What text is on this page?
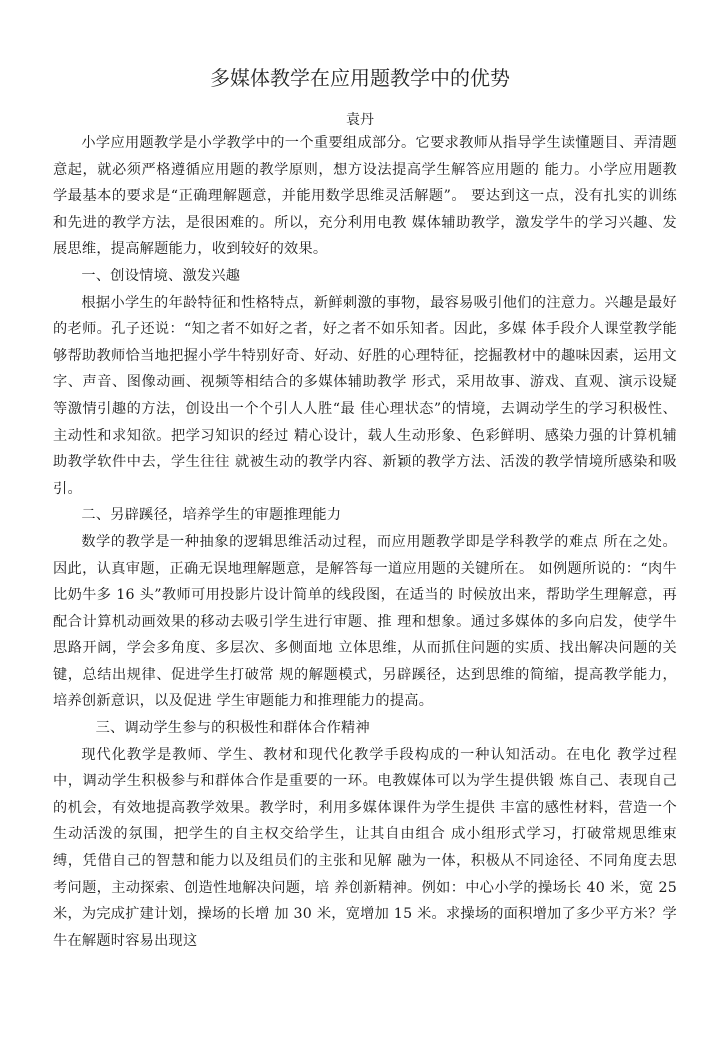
多媒体教学在应用题教学中的优势
袁丹

小学应用题教学是小学教学中的一个重要组成部分。它要求教师从指导学生读懂题目、弄清题意起，就必须严格遵循应用题的教学原则，想方设法提高学生解答应用题的 能力。小学应用题教学最基本的要求是“正确理解题意，并能用数学思维灵活解题”。 要达到这一点，没有扎实的训练和先进的教学方法，是很困难的。所以，充分利用电教 媒体辅助教学，激发学牛的学习兴趣、发展思维，提高解题能力，收到较好的效果。

一、创设情境、激发兴趣

根据小学生的年龄特征和性格特点，新鲜刺激的事物，最容易吸引他们的注意力。兴趣是最好的老师。孔子还说：“知之者不如好之者，好之者不如乐知者。因此，多媒 体手段介人课堂教学能够帮助教师恰当地把握小学牛特别好奇、好动、好胜的心理特征，挖掘教材中的趣味因素，运用文字、声音、图像动画、视频等相结合的多媒体辅助教学 形式，采用故事、游戏、直观、演示设疑等激情引趣的方法，创设出一个个引人人胜“最 佳心理状态”的情境，去调动学生的学习积极性、主动性和求知欲。把学习知识的经过 精心设计，载人生动形象、色彩鲜明、感染力强的计算机辅助教学软件中去，学生往往 就被生动的教学内容、新颖的教学方法、活泼的教学情境所感染和吸引。

二、另辟蹊径，培养学生的审题推理能力

数学的教学是一种抽象的逻辑思维活动过程，而应用题教学即是学科教学的难点 所在之处。因此，认真审题，正确无误地理解题意，是解答每一道应用题的关键所在。 如例题所说的：“肉牛比奶牛多 16 头”教师可用投影片设计简单的线段图，在适当的 时候放出来，帮助学生理解意，再配合计算机动画效果的移动去吸引学生进行审题、推 理和想象。通过多媒体的多向启发，使学牛思路开阔，学会多角度、多层次、多侧面地 立体思维，从而抓住问题的实质、找出解决问题的关键，总结出规律、促进学生打破常 规的解题模式，另辟蹊径，达到思维的简缩，提高教学能力，培养创新意识，以及促进 学生审题能力和推理能力的提高。

三、调动学生参与的积极性和群体合作精神

现代化教学是教师、学生、教材和现代化教学手段构成的一种认知活动。在电化 教学过程中，调动学生积极参与和群体合作是重要的一环。电教媒体可以为学生提供锻 炼自己、表现自己的机会，有效地提高教学效果。教学时，利用多媒体课件为学生提供 丰富的感性材料，营造一个生动活泼的氛围，把学生的自主权交给学生，让其自由组合 成小组形式学习，打破常规思维束缚，凭借自己的智慧和能力以及组员们的主张和见解 融为一体，积极从不同途径、不同角度去思考问题，主动探索、创造性地解决问题，培 养创新精神。例如：中心小学的操场长 40 米，宽 25 米，为完成扩建计划，操场的长增 加 30 米，宽增加 15 米。求操场的面积增加了多少平方米？学牛在解题时容易出现这
